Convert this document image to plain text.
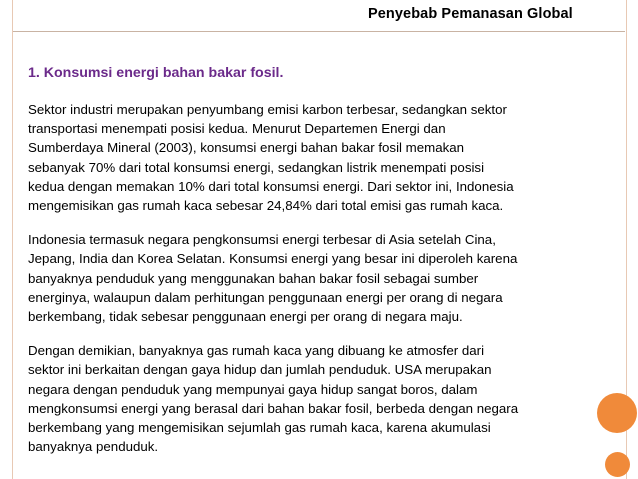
Penyebab Pemanasan Global
1. Konsumsi energi bahan bakar fosil.
Sektor industri merupakan penyumbang emisi karbon terbesar, sedangkan sektor
transportasi menempati posisi kedua. Menurut Departemen Energi dan
Sumberdaya Mineral (2003), konsumsi energi bahan bakar fosil memakan
sebanyak 70% dari total konsumsi energi, sedangkan listrik menempati posisi
kedua dengan memakan 10% dari total konsumsi energi. Dari sektor ini, Indonesia
mengemisikan gas rumah kaca sebesar 24,84% dari total emisi gas rumah kaca.
Indonesia termasuk negara pengkonsumsi energi terbesar di Asia setelah Cina,
Jepang, India dan Korea Selatan. Konsumsi energi yang besar ini diperoleh karena
banyaknya penduduk yang menggunakan bahan bakar fosil sebagai sumber
energinya, walaupun dalam perhitungan penggunaan energi per orang di negara
berkembang, tidak sebesar penggunaan energi per orang di negara maju.
Dengan demikian, banyaknya gas rumah kaca yang dibuang ke atmosfer dari
sektor ini berkaitan dengan gaya hidup dan jumlah penduduk. USA merupakan
negara dengan penduduk yang mempunyai gaya hidup sangat boros, dalam
mengkonsumsi energi yang berasal dari bahan bakar fosil, berbeda dengan negara
berkembang yang mengemisikan sejumlah gas rumah kaca, karena akumulasi
banyaknya penduduk.
